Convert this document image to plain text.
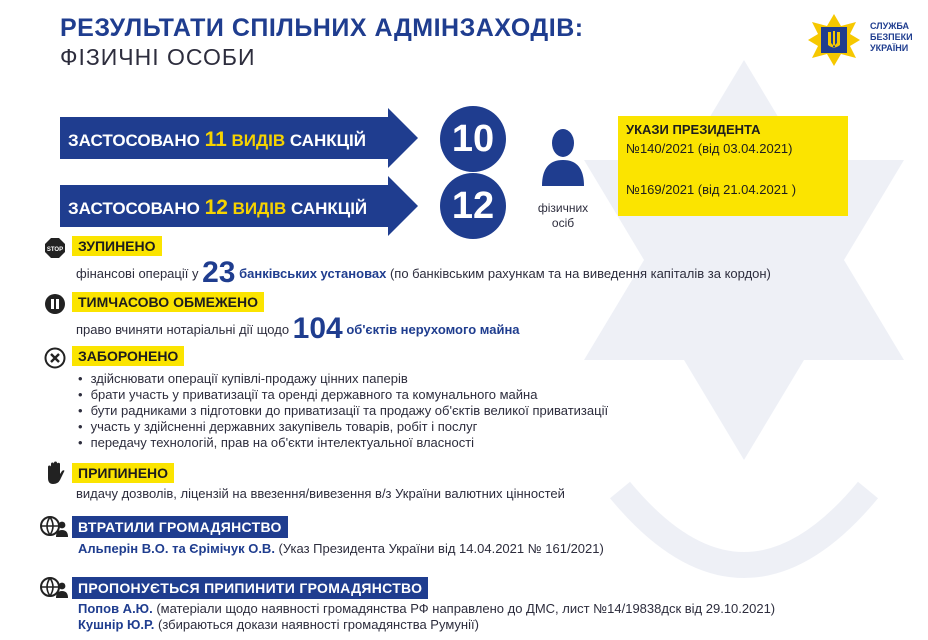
РЕЗУЛЬТАТИ СПІЛЬНИХ АДМІНЗАХОДІВ:
ФІЗИЧНІ ОСОБИ
СЛУЖБА
БЕЗПЕКИ
УКРАЇНИ
ЗАСТОСОВАНО 11 ВИДІВ САНКЦІЙ	10
ЗАСТОСОВАНО 12 ВИДІВ САНКЦІЙ	12	фізичних
осіб
УКАЗИ ПРЕЗИДЕНТА
№140/2021 (від 03.04.2021)
№169/2021 (від 21.04.2021 )
STOP	ЗУПИНЕНО
фінансові операції у 23 банківських установах (по банківським рахункам та на виведення капіталів за кордон)
ТИМЧАСОВО ОБМЕЖЕНО
право вчиняти нотаріальні дії щодо 104 об'єктів нерухомого майна
ЗАБОРОНЕНО
• здійснювати операції купівлі-продажу цінних паперів
• брати участь у приватизації та оренді державного та комунального майна
• бути радниками з підготовки до приватизації та продажу об'єктів великої приватизації
• участь у здійсненні державних закупівель товарів, робіт і послуг
• передачу технологій, прав на об'єкти інтелектуальної власності
ПРИПИНЕНО
видачу дозволів, ліцензій на ввезення/вивезення в/з України валютних цінностей
ВТРАТИЛИ ГРОМАДЯНСТВО
Альперін В.О. та Єрімічук О.В. (Указ Президента України від 14.04.2021 № 161/2021)
ПРОПОНУЄТЬСЯ ПРИПИНИТИ ГРОМАДЯНСТВО
Попов А.Ю. (матеріали щодо наявності громадянства РФ направлено до ДМС, лист №14/19838дск від 29.10.2021)
Кушнір Ю.Р. (збираються докази наявності громадянства Румунії)
